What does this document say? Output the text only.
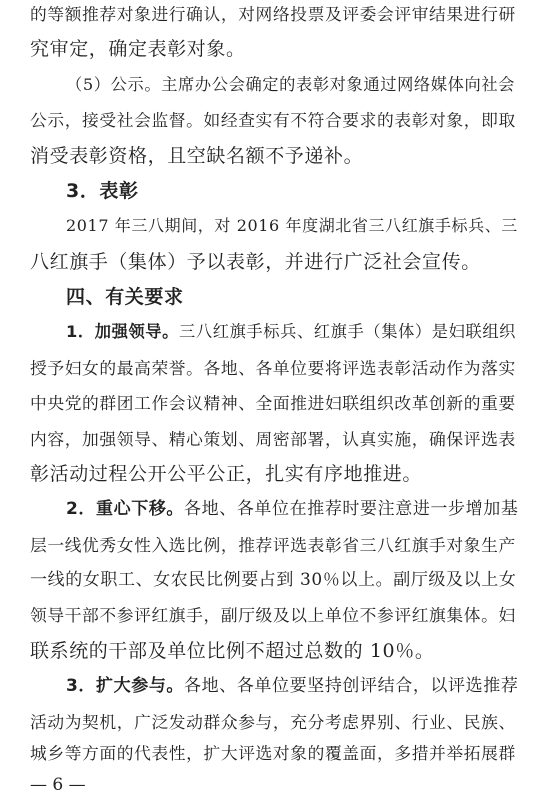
的等额推荐对象进行确认，对网络投票及评委会评审结果进行研
究审定，确定表彰对象。
（5）公示。主席办公会确定的表彰对象通过网络媒体向社会
公示，接受社会监督。如经查实有不符合要求的表彰对象，即取
消受表彰资格，且空缺名额不予递补。
3．表彰
2017 年三八期间，对 2016 年度湖北省三八红旗手标兵、三
八红旗手（集体）予以表彰，并进行广泛社会宣传。
四、有关要求
1．加强领导。三八红旗手标兵、红旗手（集体）是妇联组织
授予妇女的最高荣誉。各地、各单位要将评选表彰活动作为落实
中央党的群团工作会议精神、全面推进妇联组织改革创新的重要
内容，加强领导、精心策划、周密部署，认真实施，确保评选表
彰活动过程公开公平公正，扎实有序地推进。
2．重心下移。各地、各单位在推荐时要注意进一步增加基
层一线优秀女性入选比例，推荐评选表彰省三八红旗手对象生产
一线的女职工、女农民比例要占到 30％以上。副厅级及以上女
领导干部不参评红旗手，副厅级及以上单位不参评红旗集体。妇
联系统的干部及单位比例不超过总数的 10％。
3．扩大参与。各地、各单位要坚持创评结合，以评选推荐
活动为契机，广泛发动群众参与，充分考虑界别、行业、民族、
城乡等方面的代表性，扩大评选对象的覆盖面，多措并举拓展群
— 6 —
